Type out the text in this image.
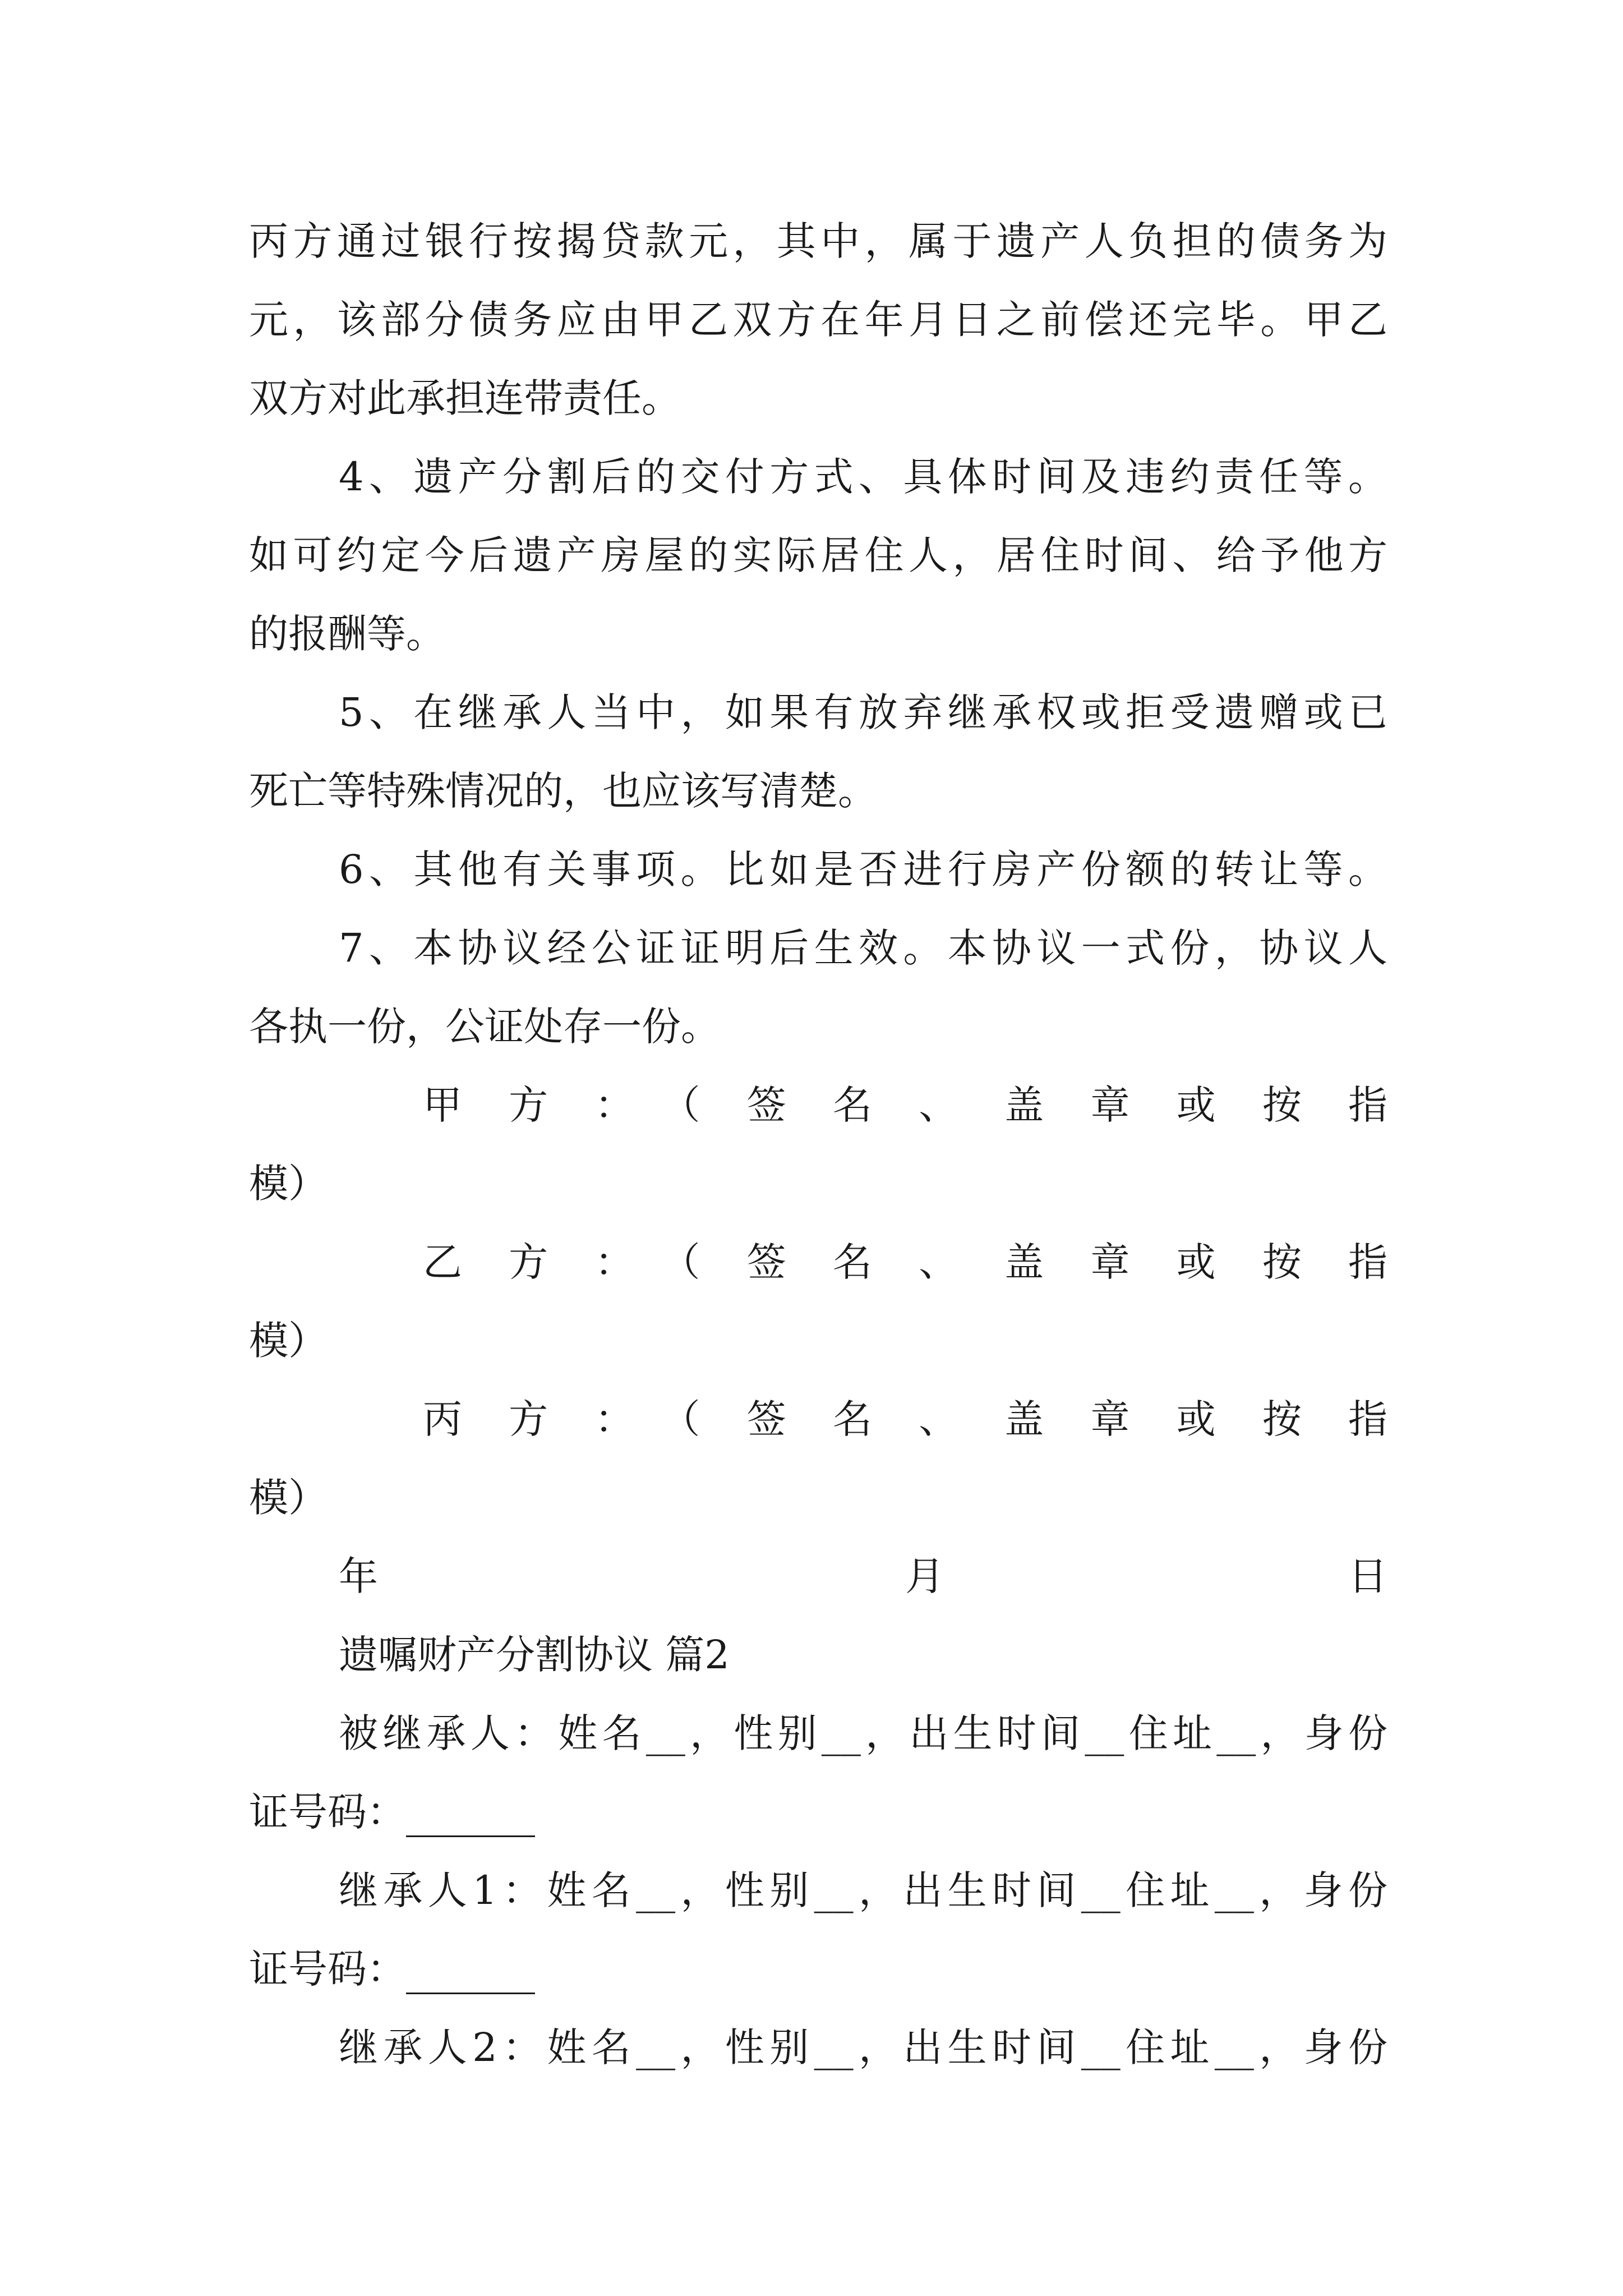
丙方通过银行按揭贷款元，其中，属于遗产人负担的债务为
元，该部分债务应由甲乙双方在年月日之前偿还完毕。甲乙
双方对此承担连带责任。
4、遗产分割后的交付方式、具体时间及违约责任等。
如可约定今后遗产房屋的实际居住人，居住时间、给予他方
的报酬等。
5、在继承人当中，如果有放弃继承权或拒受遗赠或已
死亡等特殊情况的，也应该写清楚。
6、其他有关事项。比如是否进行房产份额的转让等。
7、本协议经公证证明后生效。本协议一式份，协议人
各执一份，公证处存一份。
甲方：（签名、盖章或按指
模）
乙方：（签名、盖章或按指
模）
丙方：（签名、盖章或按指
模）
年	月	日
遗嘱财产分割协议 篇2
被继承人：姓名__，性别__，出生时间__住址__，身份
证号码：
继承人1：姓名__，性别__，出生时间__住址__，身份
证号码：
继承人2：姓名__，性别__，出生时间__住址__，身份
